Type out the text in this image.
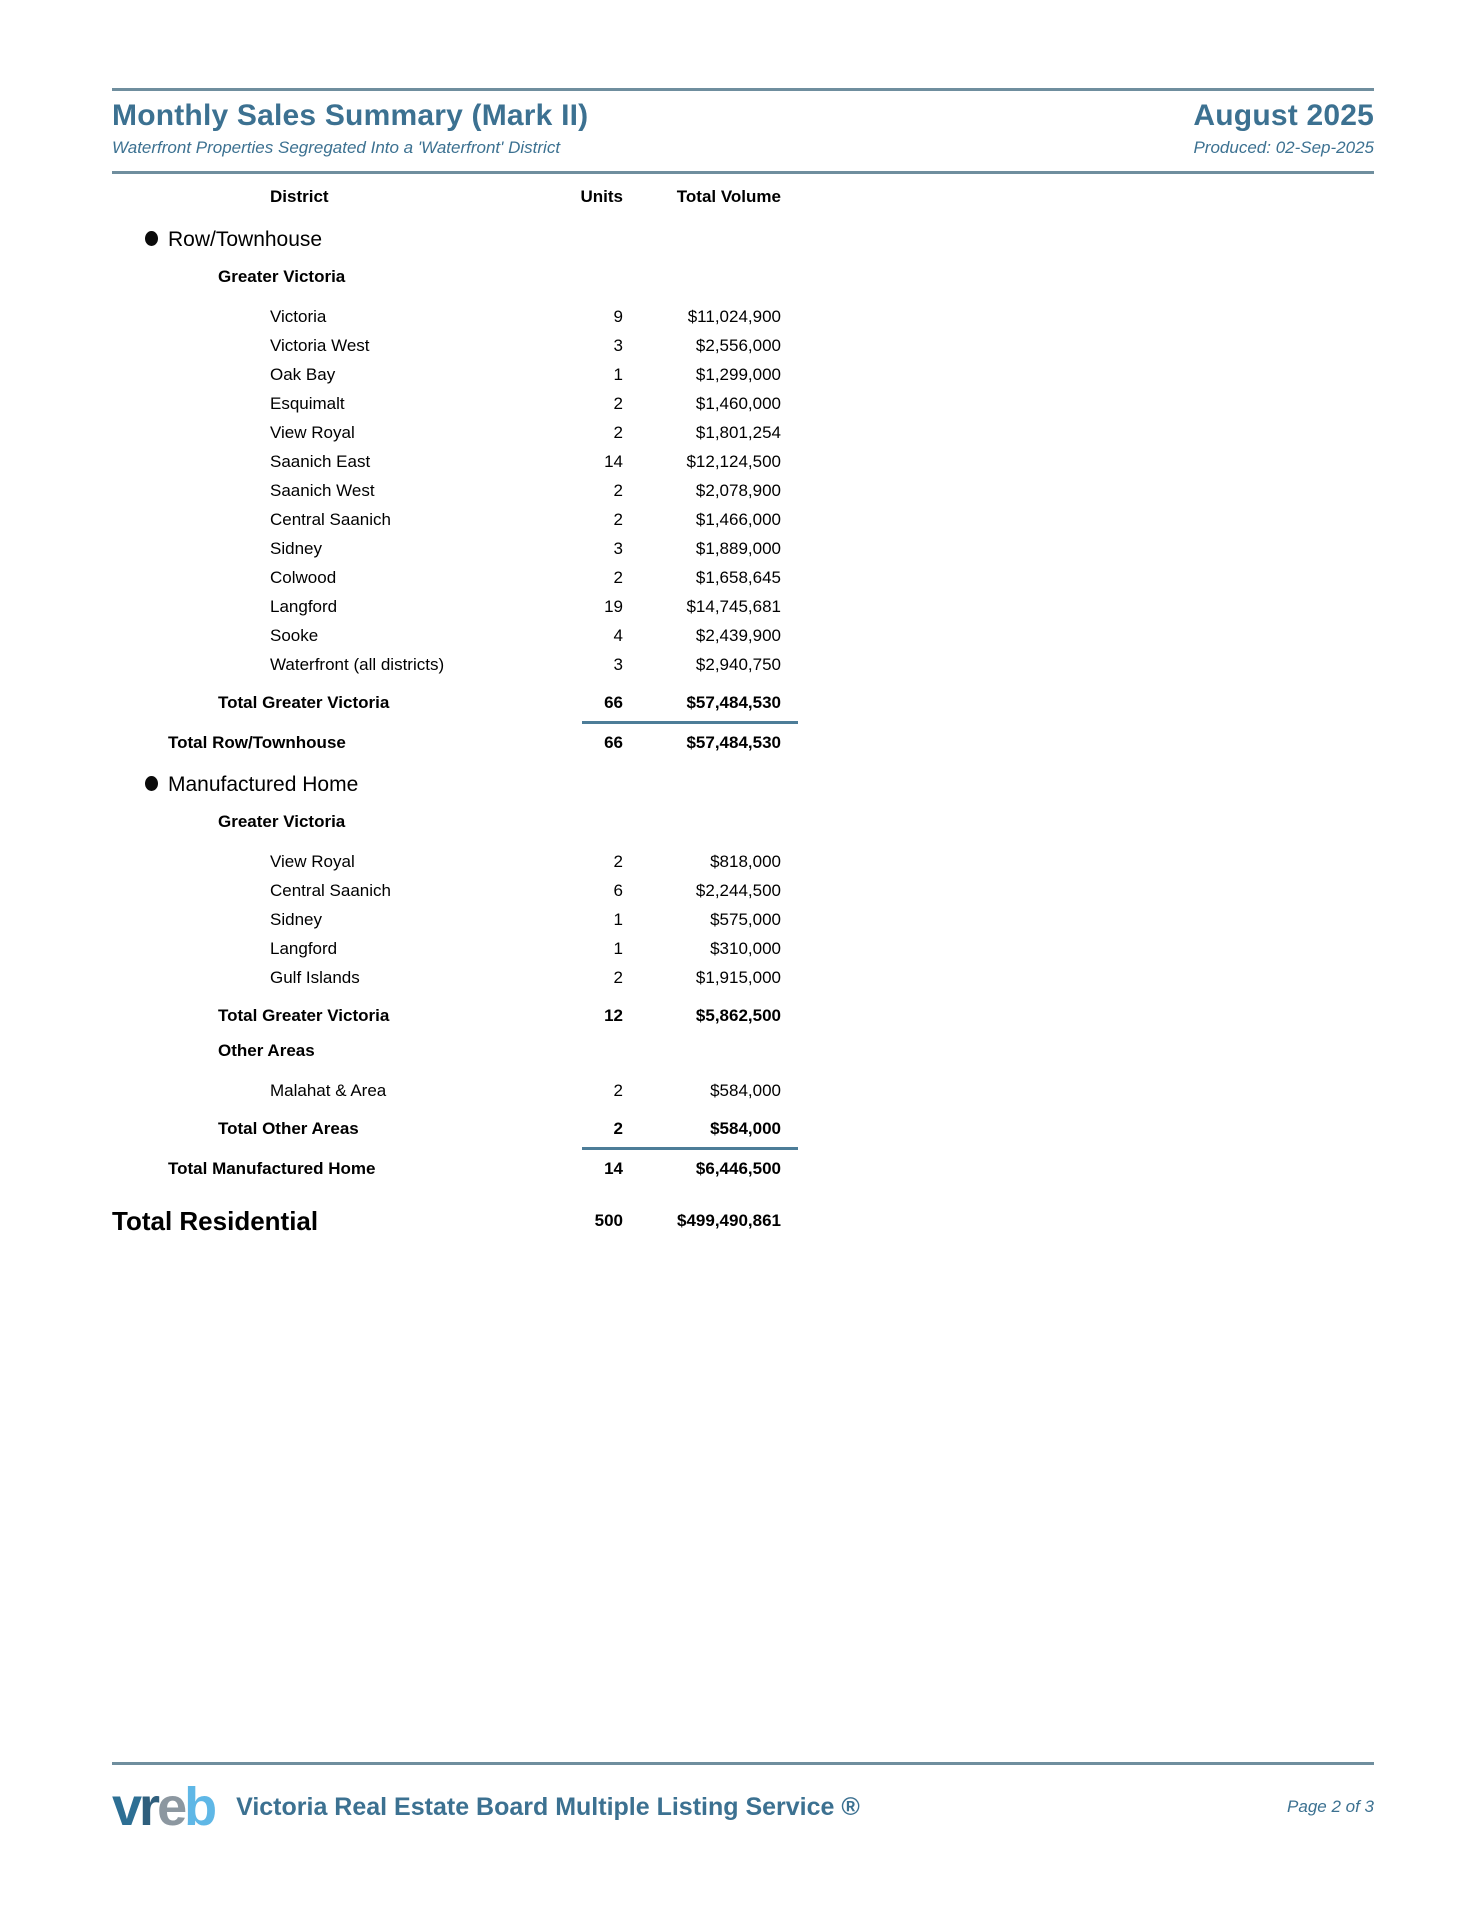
Monthly Sales Summary (Mark II)	August 2025
Waterfront Properties Segregated Into a 'Waterfront' District	Produced: 02-Sep-2025
District	Units	Total Volume
Row/Townhouse
Greater Victoria
Victoria	9	$11,024,900
Victoria West	3	$2,556,000
Oak Bay	1	$1,299,000
Esquimalt	2	$1,460,000
View Royal	2	$1,801,254
Saanich East	14	$12,124,500
Saanich West	2	$2,078,900
Central Saanich	2	$1,466,000
Sidney	3	$1,889,000
Colwood	2	$1,658,645
Langford	19	$14,745,681
Sooke	4	$2,439,900
Waterfront (all districts)	3	$2,940,750
Total Greater Victoria	66	$57,484,530
Total Row/Townhouse	66	$57,484,530
Manufactured Home
Greater Victoria
View Royal	2	$818,000
Central Saanich	6	$2,244,500
Sidney	1	$575,000
Langford	1	$310,000
Gulf Islands	2	$1,915,000
Total Greater Victoria	12	$5,862,500
Other Areas
Malahat & Area	2	$584,000
Total Other Areas	2	$584,000
Total Manufactured Home	14	$6,446,500
Total Residential	500	$499,490,861
vreb Victoria Real Estate Board Multiple Listing Service ®	Page 2 of 3
